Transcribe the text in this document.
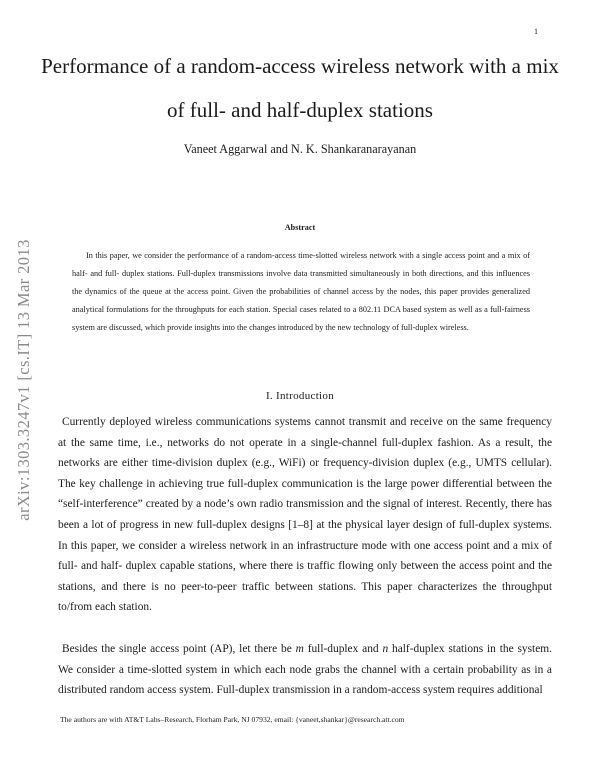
1
arXiv:1303.3247v1 [cs.IT] 13 Mar 2013
Performance of a random-access wireless network with a mix of full- and half-duplex stations
Vaneet Aggarwal and N. K. Shankaranarayanan
Abstract

In this paper, we consider the performance of a random-access time-slotted wireless network with a single access point and a mix of half- and full- duplex stations. Full-duplex transmissions involve data transmitted simultaneously in both directions, and this influences the dynamics of the queue at the access point. Given the probabilities of channel access by the nodes, this paper provides generalized analytical formulations for the throughputs for each station. Special cases related to a 802.11 DCA based system as well as a full-fairness system are discussed, which provide insights into the changes introduced by the new technology of full-duplex wireless.

I. Introduction

Currently deployed wireless communications systems cannot transmit and receive on the same frequency at the same time, i.e., networks do not operate in a single-channel full-duplex fashion. As a result, the networks are either time-division duplex (e.g., WiFi) or frequency-division duplex (e.g., UMTS cellular). The key challenge in achieving true full-duplex communication is the large power differential between the “self-interference” created by a node’s own radio transmission and the signal of interest. Recently, there has been a lot of progress in new full-duplex designs [1–8] at the physical layer design of full-duplex systems. In this paper, we consider a wireless network in an infrastructure mode with one access point and a mix of full- and half- duplex capable stations, where there is traffic flowing only between the access point and the stations, and there is no peer-to-peer traffic between stations. This paper characterizes the throughput to/from each station.

Besides the single access point (AP), let there be m full-duplex and n half-duplex stations in the system. We consider a time-slotted system in which each node grabs the channel with a certain probability as in a distributed random access system. Full-duplex transmission in a random-access system requires additional

The authors are with AT&T Labs–Research, Florham Park, NJ 07932, email: {vaneet,shankar}@research.att.com
